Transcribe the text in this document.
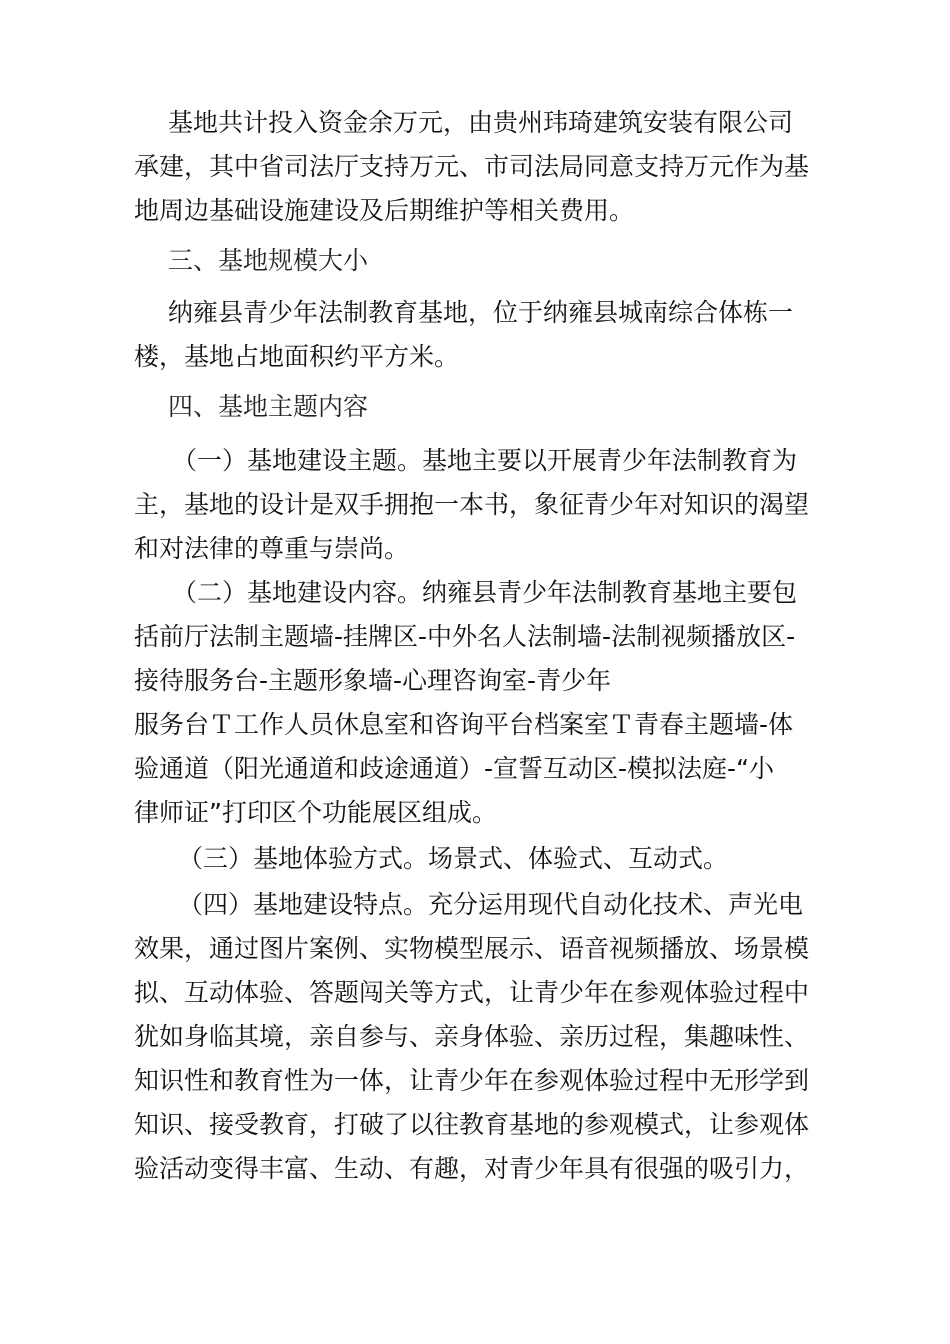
基地共计投入资金余万元，由贵州玮琦建筑安装有限公司
承建，其中省司法厅支持万元、市司法局同意支持万元作为基
地周边基础设施建设及后期维护等相关费用。
三、基地规模大小
纳雍县青少年法制教育基地，位于纳雍县城南综合体栋一
楼，基地占地面积约平方米。
四、基地主题内容
（一）基地建设主题。基地主要以开展青少年法制教育为
主，基地的设计是双手拥抱一本书，象征青少年对知识的渴望
和对法律的尊重与崇尚。
（二）基地建设内容。纳雍县青少年法制教育基地主要包
括前厅法制主题墙-挂牌区-中外名人法制墙-法制视频播放区-
接待服务台-主题形象墙-心理咨询室-青少年
服务台Ｔ工作人员休息室和咨询平台档案室Ｔ青春主题墙-体
验通道（阳光通道和歧途通道）-宣誓互动区-模拟法庭-“小
律师证”打印区个功能展区组成。
（三）基地体验方式。场景式、体验式、互动式。
（四）基地建设特点。充分运用现代自动化技术、声光电
效果，通过图片案例、实物模型展示、语音视频播放、场景模
拟、互动体验、答题闯关等方式，让青少年在参观体验过程中
犹如身临其境，亲自参与、亲身体验、亲历过程，集趣味性、
知识性和教育性为一体，让青少年在参观体验过程中无形学到
知识、接受教育，打破了以往教育基地的参观模式，让参观体
验活动变得丰富、生动、有趣，对青少年具有很强的吸引力，
